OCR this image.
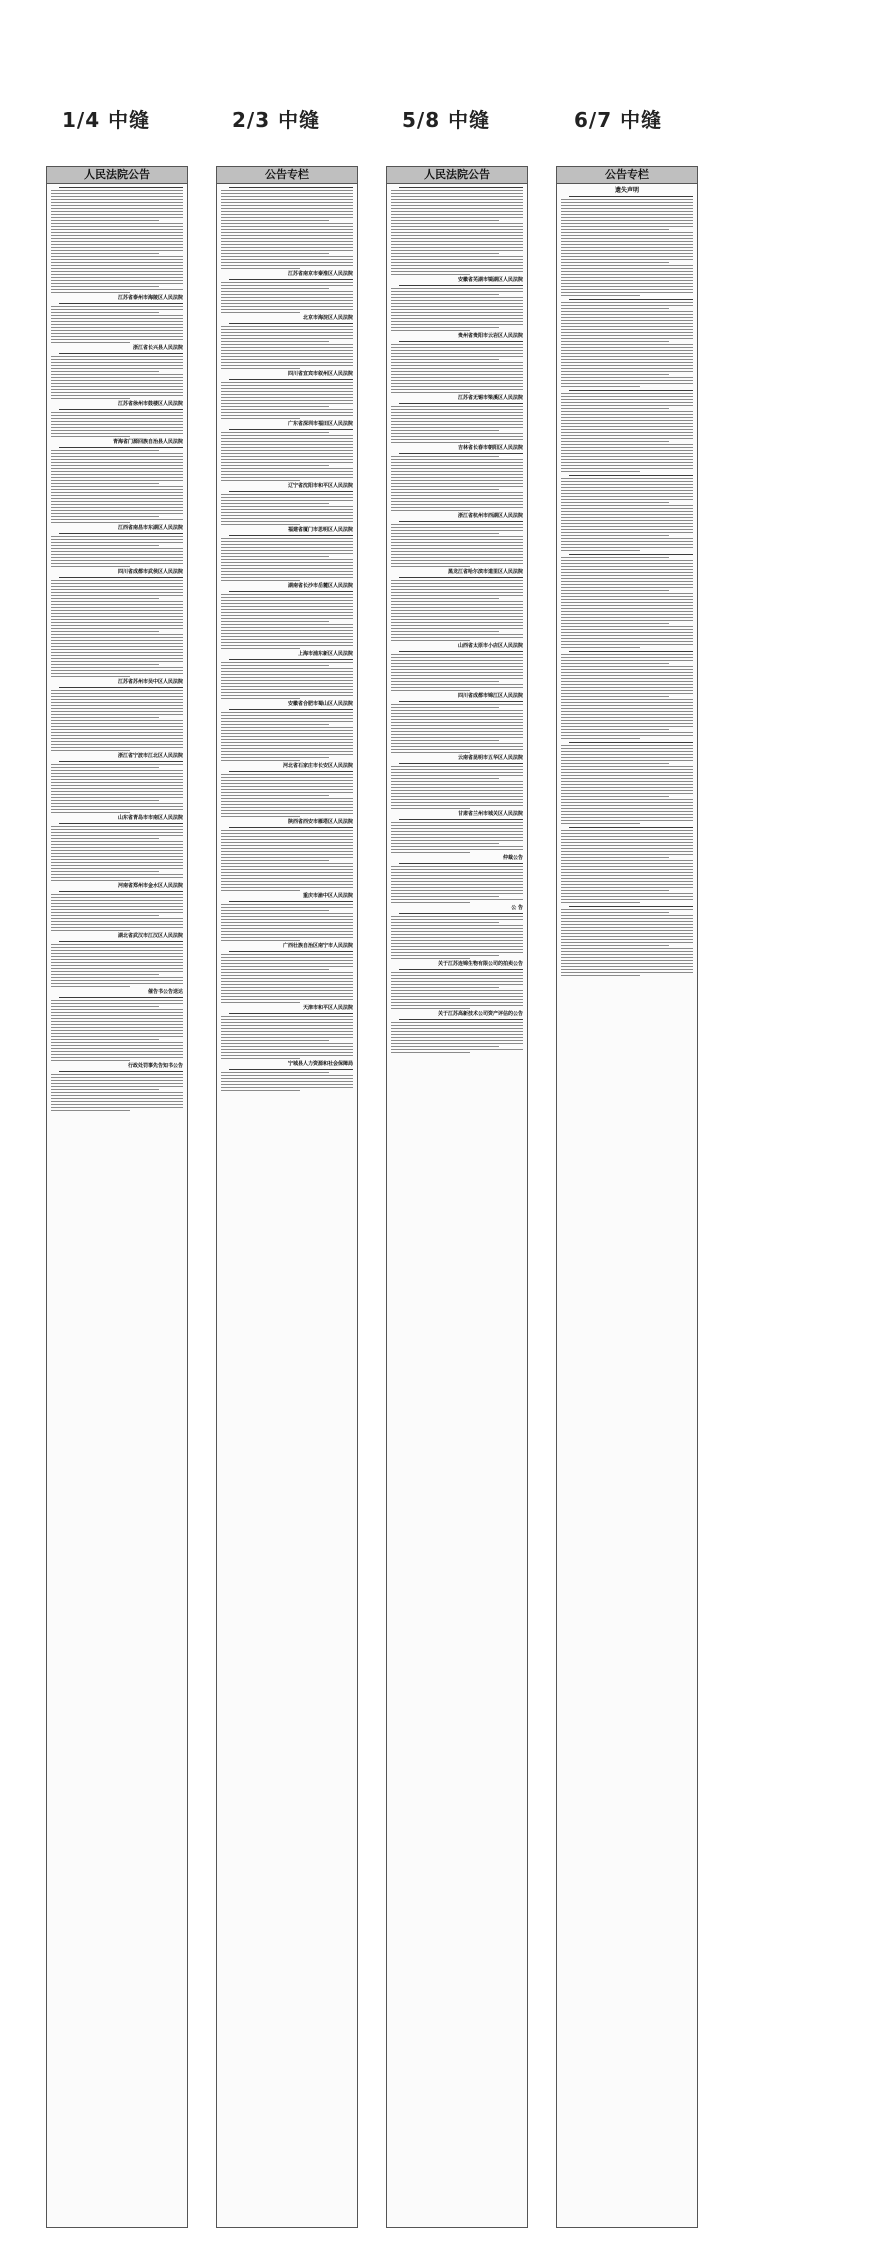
1/4 中缝	2/3 中缝	5/8 中缝	6/7 中缝
人民法院公告
江苏省泰州市海陵区人民法院
浙江省长兴县人民法院
江苏省徐州市鼓楼区人民法院
青海省门源回族自治县人民法院
江西省南昌市东湖区人民法院
四川省成都市武侯区人民法院
江苏省苏州市吴中区人民法院
浙江省宁波市江北区人民法院
山东省青岛市市南区人民法院
河南省郑州市金水区人民法院
湖北省武汉市江汉区人民法院
催告书公告送达
行政处罚事先告知书公告
公告专栏
江苏省南京市秦淮区人民法院
北京市海淀区人民法院
四川省宜宾市叙州区人民法院
广东省深圳市福田区人民法院
辽宁省沈阳市和平区人民法院
福建省厦门市思明区人民法院
湖南省长沙市岳麓区人民法院
上海市浦东新区人民法院
安徽省合肥市蜀山区人民法院
河北省石家庄市长安区人民法院
陕西省西安市雁塔区人民法院
重庆市渝中区人民法院
广西壮族自治区南宁市人民法院
天津市和平区人民法院
宁城县人力资源和社会保障局
人民法院公告
安徽省芜湖市镜湖区人民法院
贵州省贵阳市云岩区人民法院
江苏省无锡市梁溪区人民法院
吉林省长春市朝阳区人民法院
浙江省杭州市西湖区人民法院
黑龙江省哈尔滨市道里区人民法院
山西省太原市小店区人民法院
四川省成都市锦江区人民法院
云南省昆明市五华区人民法院
甘肃省兰州市城关区人民法院
仲裁公告
公 告
关于江苏连锦生物有限公司的拍卖公告
关于江苏高新技术公司资产评估的公告
公告专栏
遗失声明
